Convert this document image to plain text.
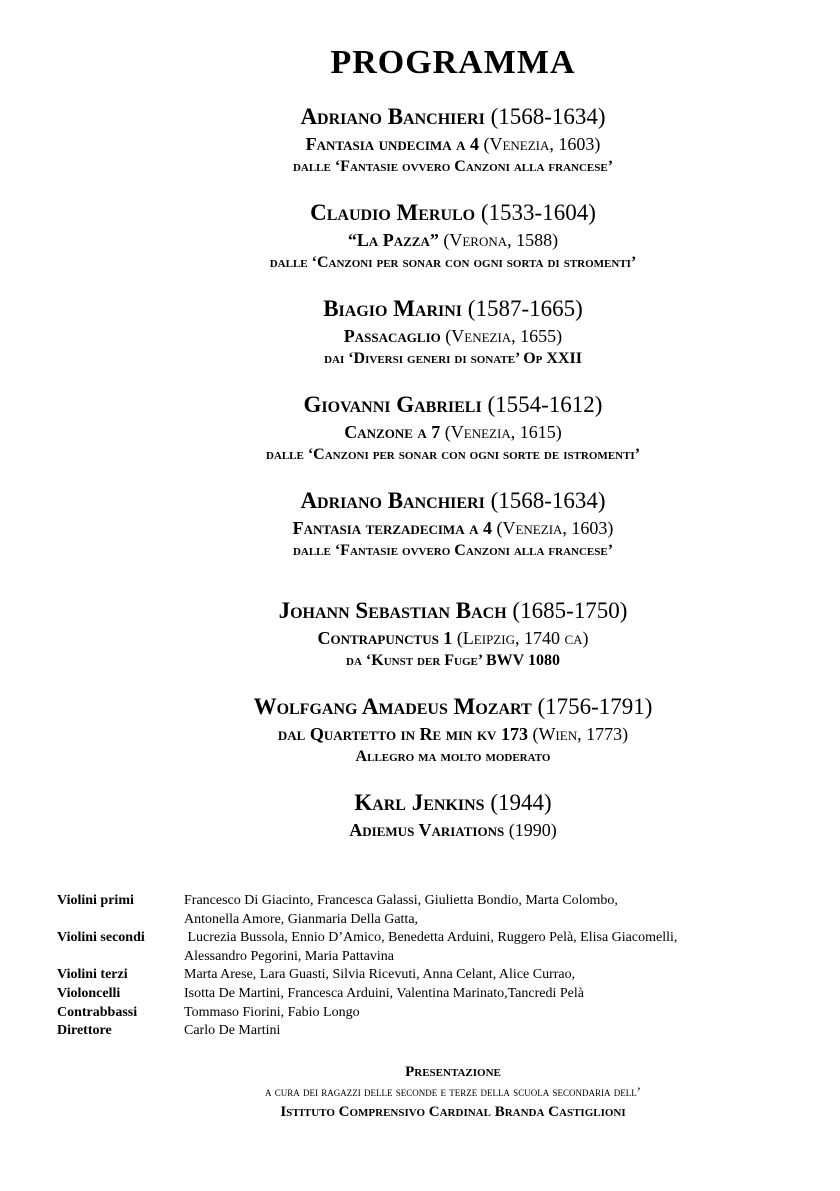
PROGRAMMA
Adriano Banchieri (1568-1634)
Fantasia undecima a 4 (Venezia, 1603)
dalle ‘Fantasie ovvero Canzoni alla francese’
Claudio Merulo (1533-1604)
“La Pazza” (Verona, 1588)
dalle ‘Canzoni per sonar con ogni sorta di stromenti’
Biagio Marini (1587-1665)
Passacaglio (Venezia, 1655)
dai ‘Diversi generi di sonate’ Op XXII
Giovanni Gabrieli (1554-1612)
Canzone a 7 (Venezia, 1615)
dalle ‘Canzoni per sonar con ogni sorte de istromenti’
Adriano Banchieri (1568-1634)
Fantasia terzadecima a 4 (Venezia, 1603)
dalle ‘Fantasie ovvero Canzoni alla francese’
Johann Sebastian Bach (1685-1750)
Contrapunctus 1 (Leipzig, 1740 ca)
da ‘Kunst der Fuge’ BWV 1080
Wolfgang Amadeus Mozart (1756-1791)
dal Quartetto in Re min kv 173 (Wien, 1773)
Allegro ma molto moderato
Karl Jenkins (1944)
Adiemus Variations (1990)
Violini primi	Francesco Di Giacinto, Francesca Galassi, Giulietta Bondio, Marta Colombo,
Antonella Amore, Gianmaria Della Gatta,
Violini secondi	Lucrezia Bussola, Ennio D’Amico, Benedetta Arduini, Ruggero Pelà, Elisa Giacomelli,
Alessandro Pegorini, Maria Pattavina
Violini terzi	Marta Arese, Lara Guasti, Silvia Ricevuti, Anna Celant, Alice Currao,
Violoncelli	Isotta De Martini, Francesca Arduini, Valentina Marinato,Tancredi Pelà
Contrabbassi	Tommaso Fiorini, Fabio Longo
Direttore	Carlo De Martini
Presentazione
a cura dei ragazzi delle seconde e terze della scuola secondaria dell’
Istituto Comprensivo Cardinal Branda Castiglioni
